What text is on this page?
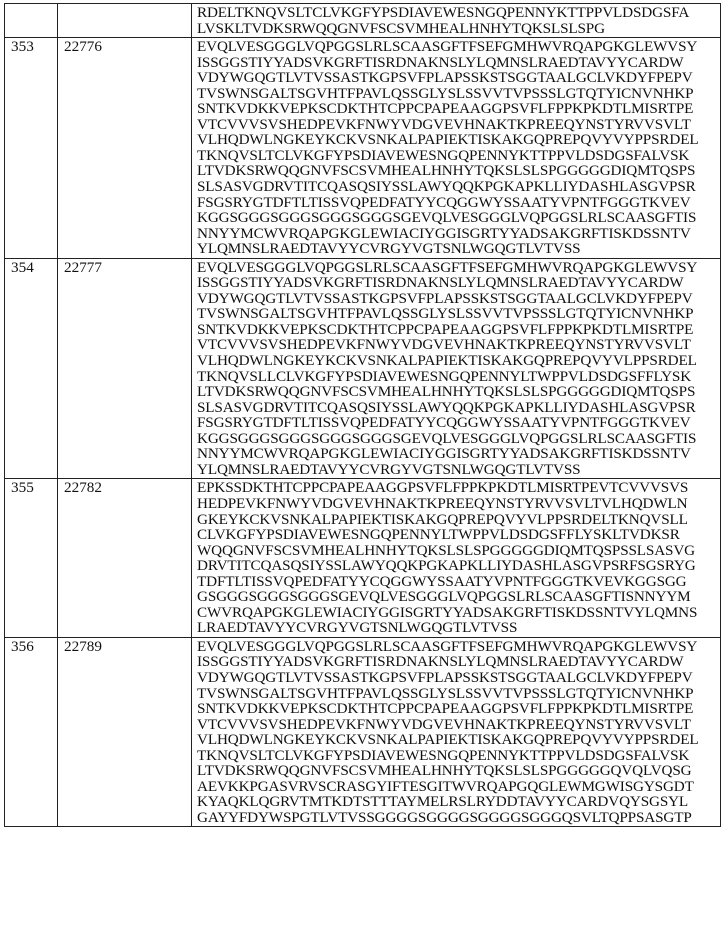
RDELTKNQVSLTCLVKGFYPSDIAVEWESNGQPENNYKTTPPVLDSDGSFA
LVSKLTVDKSRWQQGNVFSCSVMHEALHNHYTQKSLSLSPG

353	22776	EVQLVESGGGLVQPGGSLRLSCAASGFTFSEFGMHWVRQAPGKGLEWVSY
ISSGGSTIYYADSVKGRFTISRDNAKNSLYLQMNSLRAEDTAVYYCARDW
VDYWGQGTLVTVSSASTKGPSVFPLAPSSKSTSGGTAALGCLVKDYFPEPV
TVSWNSGALTSGVHTFPAVLQSSGLYSLSSVVTVPSSSLGTQTYICNVNHKP
SNTKVDKKVEPKSCDKTHTCPPCPAPEAAGGPSVFLFPPKPKDTLMISRTPE
VTCVVVSVSHEDPEVKFNWYVDGVEVHNAKTKPREEQYNSTYRVVSVLT
VLHQDWLNGKEYKCKVSNKALPAPIEKTISKAKGQPREPQVYVYPPSRDEL
TKNQVSLTCLVKGFYPSDIAVEWESNGQPENNYKTTPPVLDSDGSFALVSK
LTVDKSRWQQGNVFSCSVMHEALHNHYTQKSLSLSPGGGGGDIQMTQSPS
SLSASVGDRVTITCQASQSIYSSLAWYQQKPGKAPKLLIYDASHLASGVPSR
FSGSRYGTDFTLTISSVQPEDFATYYCQGGWYSSAATYVPNTFGGGTKVEV
KGGSGGGSGGGSGGGSGGGSGEVQLVESGGGLVQPGGSLRLSCAASGFTIS
NNYYMCWVRQAPGKGLEWIACIYGGISGRTYYADSAKGRFTISKDSSNTV
YLQMNSLRAEDTAVYYCVRGYVGTSNLWGQGTLVTVSS

354	22777	EVQLVESGGGLVQPGGSLRLSCAASGFTFSEFGMHWVRQAPGKGLEWVSY
ISSGGSTIYYADSVKGRFTISRDNAKNSLYLQMNSLRAEDTAVYYCARDW
VDYWGQGTLVTVSSASTKGPSVFPLAPSSKSTSGGTAALGCLVKDYFPEPV
TVSWNSGALTSGVHTFPAVLQSSGLYSLSSVVTVPSSSLGTQTYICNVNHKP
SNTKVDKKVEPKSCDKTHTCPPCPAPEAAGGPSVFLFPPKPKDTLMISRTPE
VTCVVVSVSHEDPEVKFNWYVDGVEVHNAKTKPREEQYNSTYRVVSVLT
VLHQDWLNGKEYKCKVSNKALPAPIEKTISKAKGQPREPQVYVLPPSRDEL
TKNQVSLLCLVKGFYPSDIAVEWESNGQPENNYLTWPPVLDSDGSFFLYSK
LTVDKSRWQQGNVFSCSVMHEALHNHYTQKSLSLSPGGGGGDIQMTQSPS
SLSASVGDRVTITCQASQSIYSSLAWYQQKPGKAPKLLIYDASHLASGVPSR
FSGSRYGTDFTLTISSVQPEDFATYYCQGGWYSSAATYVPNTFGGGTKVEV
KGGSGGGSGGGSGGGSGGGSGEVQLVESGGGLVQPGGSLRLSCAASGFTIS
NNYYMCWVRQAPGKGLEWIACIYGGISGRTYYADSAKGRFTISKDSSNTV
YLQMNSLRAEDTAVYYCVRGYVGTSNLWGQGTLVTVSS

355	22782	EPKSSDKTHTCPPCPAPEAAGGPSVFLFPPKPKDTLMISRTPEVTCVVVSVS
HEDPEVKFNWYVDGVEVHNAKTKPREEQYNSTYRVVSVLTVLHQDWLN
GKEYKCKVSNKALPAPIEKTISKAKGQPREPQVYVLPPSRDELTKNQVSLL
CLVKGFYPSDIAVEWESNGQPENNYLTWPPVLDSDGSFFLYSKLTVDKSR
WQQGNVFSCSVMHEALHNHYTQKSLSLSPGGGGGDIQMTQSPSSLSASVG
DRVTITCQASQSIYSSLAWYQQKPGKAPKLLIYDASHLASGVPSRFSGSRYG
TDFTLTISSVQPEDFATYYCQGGWYSSAATYVPNTFGGGTKVEVKGGSGG
GSGGGSGGGSGGGSGEVQLVESGGGLVQPGGSLRLSCAASGFTISNNYYM
CWVRQAPGKGLEWIACIYGGISGRTYYADSAKGRFTISKDSSNTVYLQMNS
LRAEDTAVYYCVRGYVGTSNLWGQGTLVTVSS

356	22789	EVQLVESGGGLVQPGGSLRLSCAASGFTFSEFGMHWVRQAPGKGLEWVSY
ISSGGSTIYYADSVKGRFTISRDNAKNSLYLQMNSLRAEDTAVYYCARDW
VDYWGQGTLVTVSSASTKGPSVFPLAPSSKSTSGGTAALGCLVKDYFPEPV
TVSWNSGALTSGVHTFPAVLQSSGLYSLSSVVTVPSSSLGTQTYICNVNHKP
SNTKVDKKVEPKSCDKTHTCPPCPAPEAAGGPSVFLFPPKPKDTLMISRTPE
VTCVVVSVSHEDPEVKFNWYVDGVEVHNAKTKPREEQYNSTYRVVSVLT
VLHQDWLNGKEYKCKVSNKALPAPIEKTISKAKGQPREPQVYVYPPSRDEL
TKNQVSLTCLVKGFYPSDIAVEWESNGQPENNYKTTPPVLDSDGSFALVSK
LTVDKSRWQQGNVFSCSVMHEALHNHYTQKSLSLSPGGGGGQVQLVQSG
AEVKKPGASVRVSCRASGYIFTESGITWVRQAPGQGLEWMGWISGYSGDT
KYAQKLQGRVTMTKDTSTTTAYMELRSLRYDDTAVYYCARDVQYSGSYL
GAYYFDYWSPGTLVTVSSGGGGSGGGGSGGGGSGGGQSVLTQPPSASGTP
